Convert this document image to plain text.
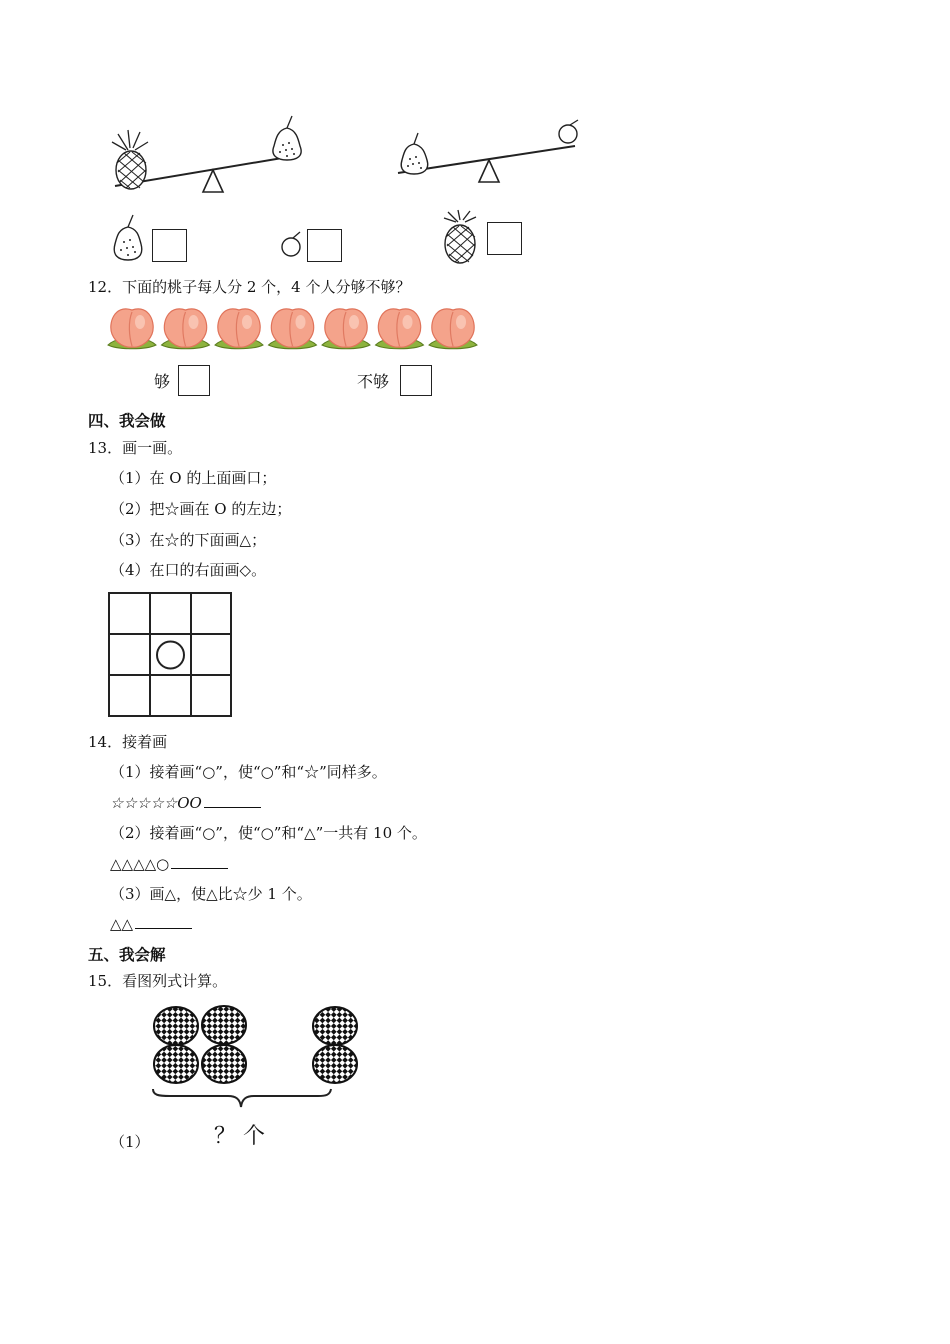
12．下面的桃子每人分 2 个，4 个人分够不够？
够	不够
四、我会做
13．画一画。
（1）在 O 的上面画口；
（2）把☆画在 O 的左边；
（3）在☆的下面画△；
（4）在口的右面画◇。
14．接着画
（1）接着画“○”，使“○”和“☆”同样多。
☆☆☆☆☆OO
（2）接着画“○”，使“○”和“△”一共有 10 个。
△△△△○
（3）画△，使△比☆少 1 个。
△△
五、我会解
15．看图列式计算。
？ 个
（1）
